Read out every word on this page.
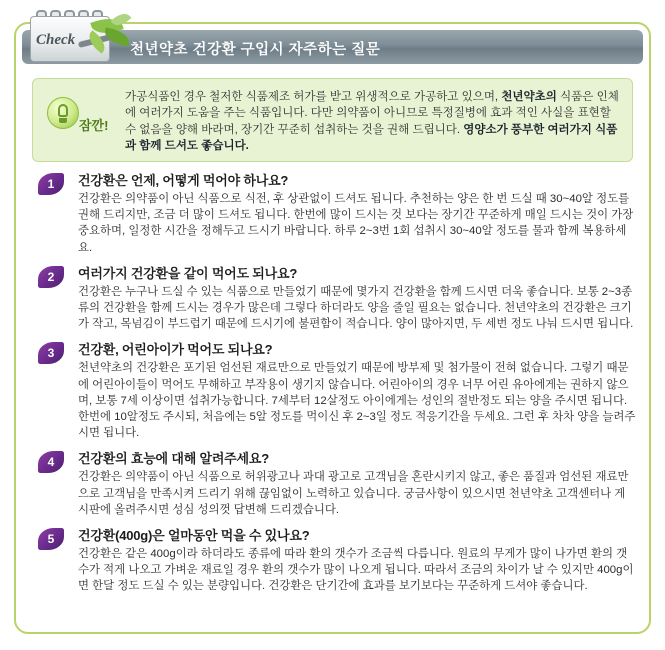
천년약초 건강환 구입시 자주하는 질문
Check
잠깐!
가공식품인 경우 철저한 식품제조 허가를 받고 위생적으로 가공하고 있으며, 천년약초의 식품은 인체에 여러가지 도움을 주는 식품입니다. 다만 의약품이 아니므로 특정질병에 효과 적인 사실을 표현할 수 없음을 양해 바라며, 장기간 꾸준히 섭취하는 것을 권해 드립니다. 영양소가 풍부한 여러가지 식품과 함께 드셔도 좋습니다.
1	건강환은 언제, 어떻게 먹어야 하나요?

건강환은 의약품이 아닌 식품으로 식전, 후 상관없이 드셔도 됩니다. 추천하는 양은 한 번 드실 때 30~40알 정도를 권해 드리지만, 조금 더 많이 드셔도 됩니다. 한번에 많이 드시는 것 보다는 장기간 꾸준하게 매일 드시는 것이 가장 중요하며, 일정한 시간을 정해두고 드시기 바랍니다. 하루 2~3번 1회 섭취시 30~40알 정도를 물과 함께 복용하세요.

2	여러가지 건강환을 같이 먹어도 되나요?

건강환은 누구나 드실 수 있는 식품으로 만들었기 때문에 몇가지 건강환을 함께 드시면 더욱 좋습니다. 보통 2~3종류의 건강환을 함께 드시는 경우가 많은데 그렇다 하더라도 양을 줄일 필요는 없습니다. 천년약초의 건강환은 크기가 작고, 목넘김이 부드럽기 때문에 드시기에 불편함이 적습니다. 양이 많아지면, 두 세번 정도 나눠 드시면 됩니다.

3	건강환, 어린아이가 먹어도 되나요?

천년약초의 건강환은 포기된 엄선된 재료만으로 만들었기 때문에 방부제 및 첨가물이 전혀 없습니다. 그렇기 때문에 어린아이들이 먹어도 무해하고 부작용이 생기지 않습니다. 어린아이의 경우 너무 어린 유아에게는 권하지 않으며, 보통 7세 이상이면 섭취가능합니다. 7세부터 12살정도 아이에게는 성인의 절반정도 되는 양을 주시면 됩니다. 한번에 10알정도 주시되, 처음에는 5알 정도를 먹이신 후 2~3일 정도 적응기간을 두세요. 그런 후 차차 양을 늘려주시면 됩니다.

4	건강환의 효능에 대해 알려주세요?

건강환은 의약품이 아닌 식품으로 허위광고나 과대 광고로 고객님을 혼란시키지 않고, 좋은 품질과 엄선된 재료만으로 고객님을 만족시켜 드리기 위해 끊임없이 노력하고 있습니다. 궁금사항이 있으시면 천년약초 고객센터나 게시판에 올려주시면 성심 성의껏 답변해 드리겠습니다.

5	건강환(400g)은 얼마동안 먹을 수 있나요?

건강환은 같은 400g이라 하더라도 종류에 따라 환의 갯수가 조금씩 다릅니다. 원료의 무게가 많이 나가면 환의 갯수가 적게 나오고 가벼운 재료일 경우 환의 갯수가 많이 나오게 됩니다. 따라서 조금의 차이가 날 수 있지만 400g이면 한달 정도 드실 수 있는 분량입니다. 건강환은 단기간에 효과를 보기보다는 꾸준하게 드셔야 좋습니다.
